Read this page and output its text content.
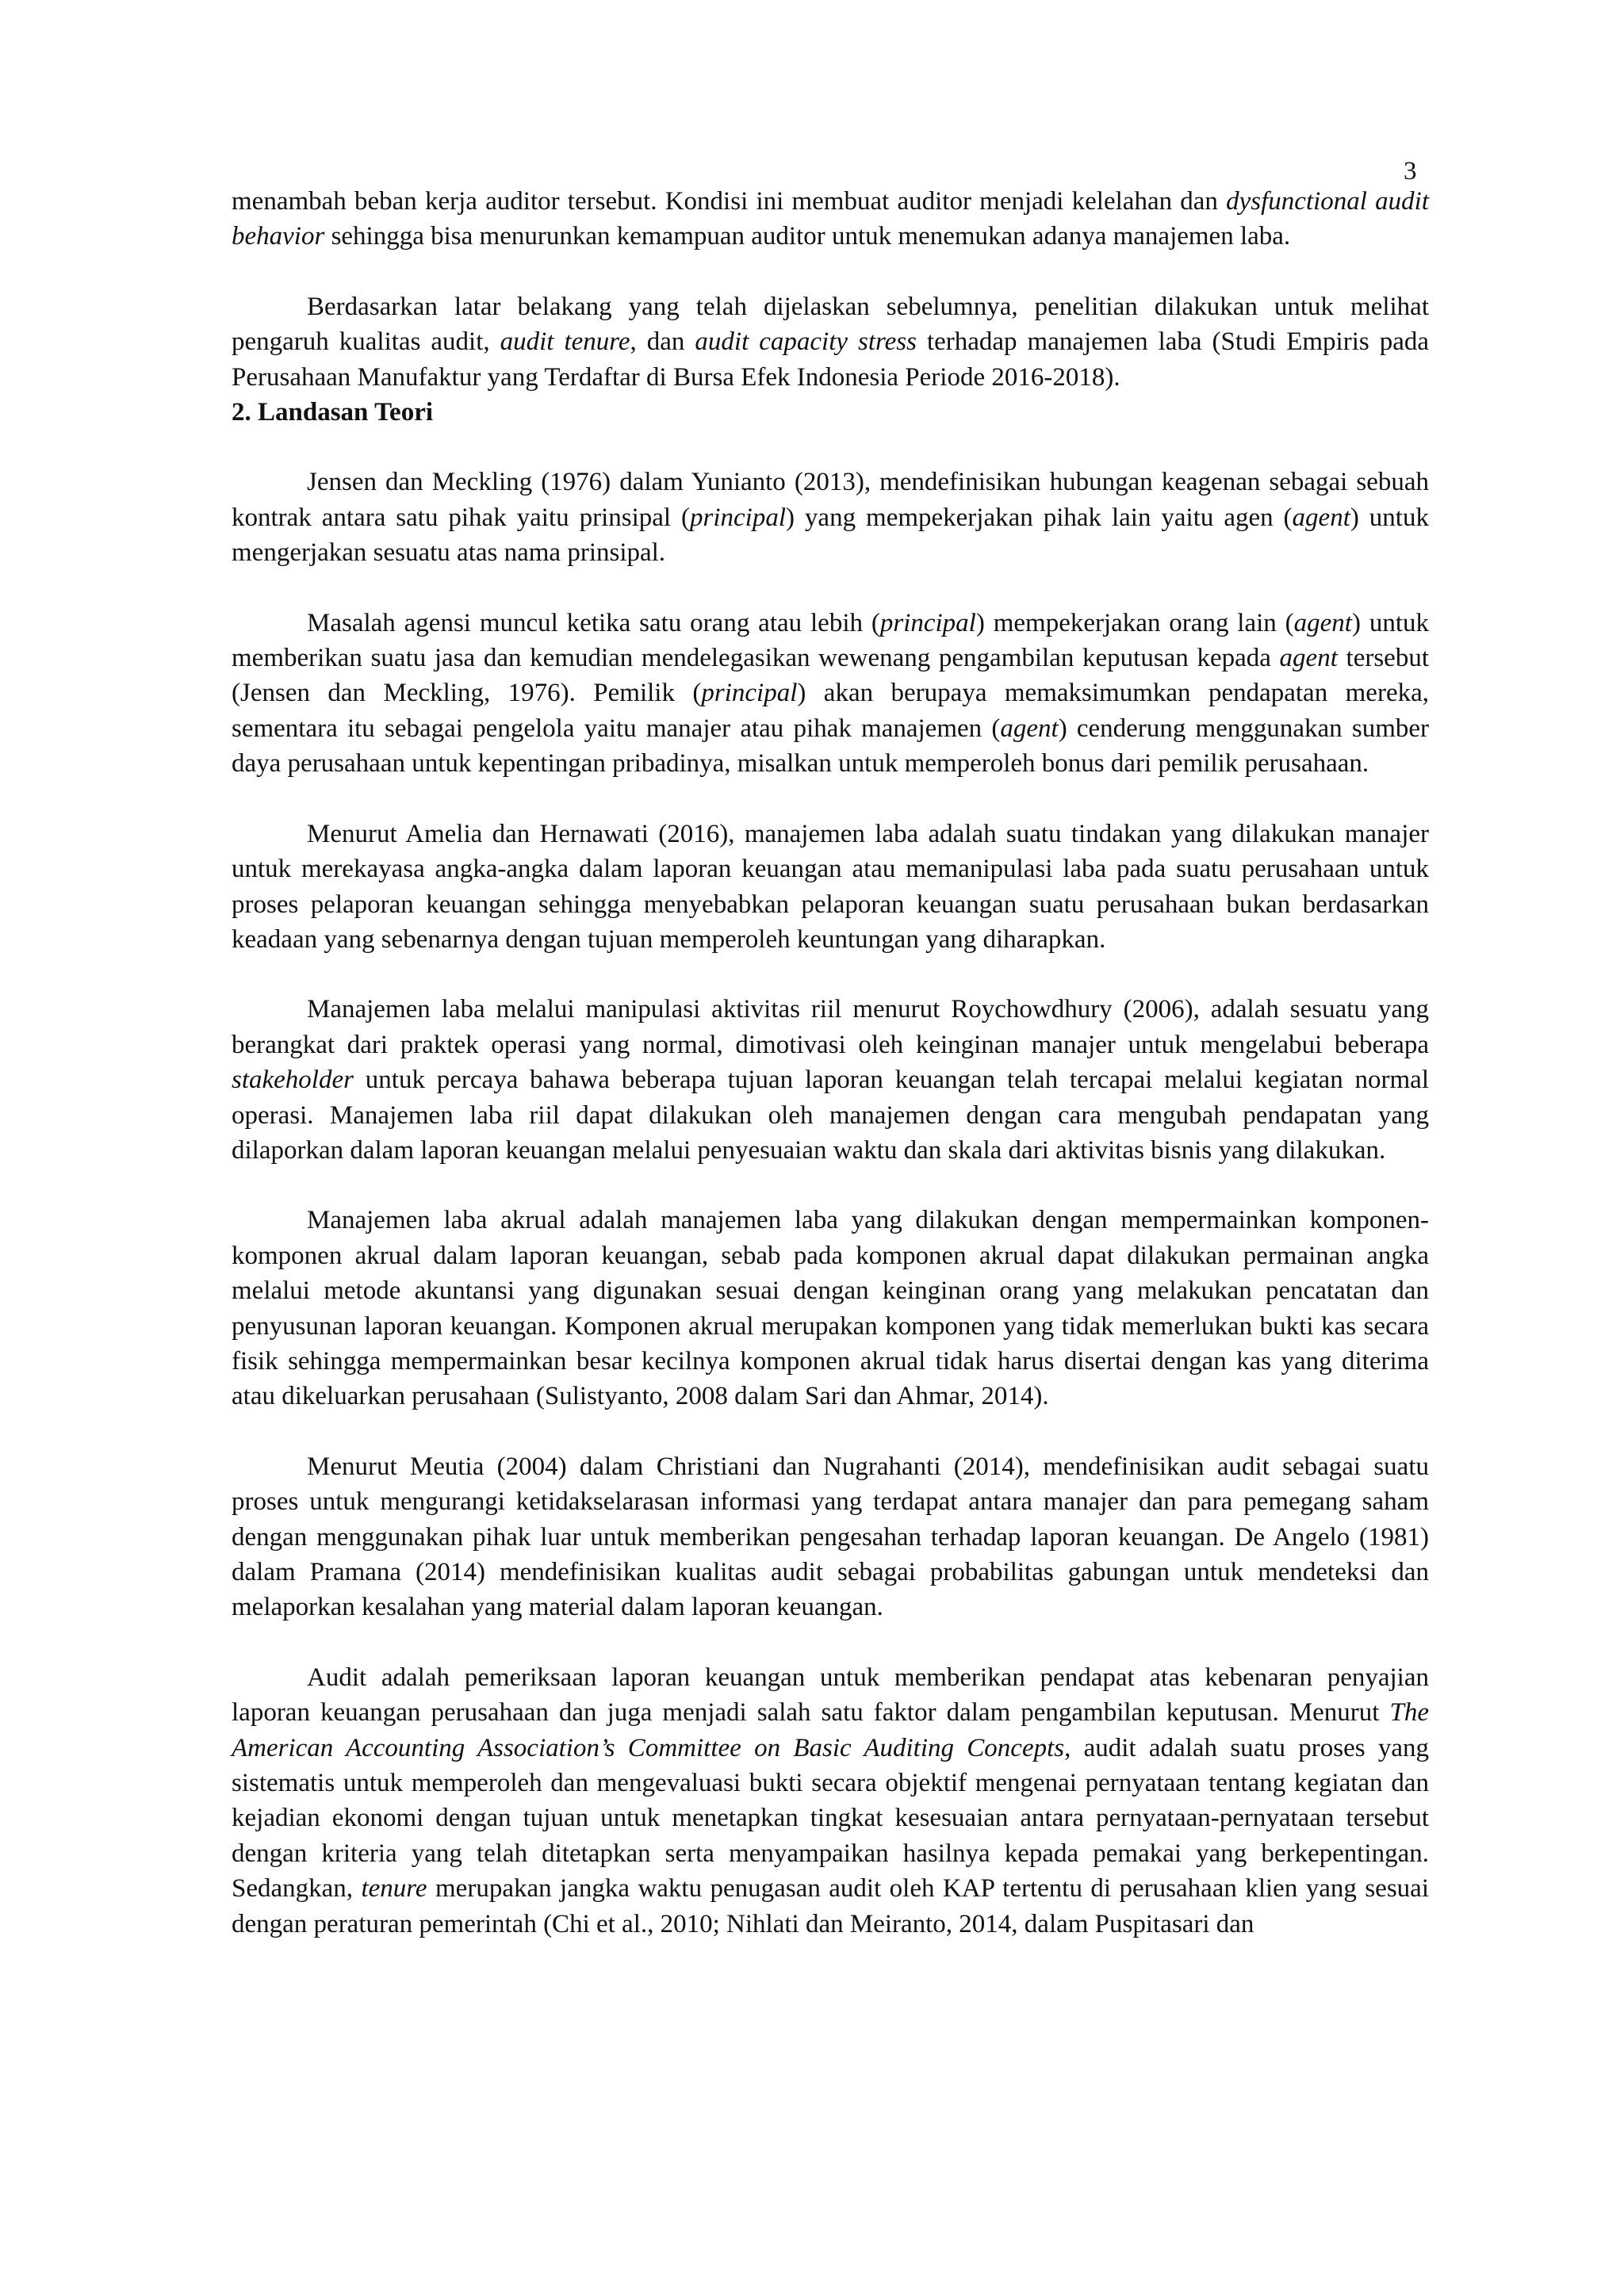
3

menambah beban kerja auditor tersebut. Kondisi ini membuat auditor menjadi kelelahan dan dysfunctional audit behavior sehingga bisa menurunkan kemampuan auditor untuk menemukan adanya manajemen laba.

Berdasarkan latar belakang yang telah dijelaskan sebelumnya, penelitian dilakukan untuk melihat pengaruh kualitas audit, audit tenure, dan audit capacity stress terhadap manajemen laba (Studi Empiris pada Perusahaan Manufaktur yang Terdaftar di Bursa Efek Indonesia Periode 2016-2018).

2. Landasan Teori

Jensen dan Meckling (1976) dalam Yunianto (2013), mendefinisikan hubungan keagenan sebagai sebuah kontrak antara satu pihak yaitu prinsipal (principal) yang mempekerjakan pihak lain yaitu agen (agent) untuk mengerjakan sesuatu atas nama prinsipal.

Masalah agensi muncul ketika satu orang atau lebih (principal) mempekerjakan orang lain (agent) untuk memberikan suatu jasa dan kemudian mendelegasikan wewenang pengambilan keputusan kepada agent tersebut (Jensen dan Meckling, 1976). Pemilik (principal) akan berupaya memaksimumkan pendapatan mereka, sementara itu sebagai pengelola yaitu manajer atau pihak manajemen (agent) cenderung menggunakan sumber daya perusahaan untuk kepentingan pribadinya, misalkan untuk memperoleh bonus dari pemilik perusahaan.

Menurut Amelia dan Hernawati (2016), manajemen laba adalah suatu tindakan yang dilakukan manajer untuk merekayasa angka-angka dalam laporan keuangan atau memanipulasi laba pada suatu perusahaan untuk proses pelaporan keuangan sehingga menyebabkan pelaporan keuangan suatu perusahaan bukan berdasarkan keadaan yang sebenarnya dengan tujuan memperoleh keuntungan yang diharapkan.

Manajemen laba melalui manipulasi aktivitas riil menurut Roychowdhury (2006), adalah sesuatu yang berangkat dari praktek operasi yang normal, dimotivasi oleh keinginan manajer untuk mengelabui beberapa stakeholder untuk percaya bahawa beberapa tujuan laporan keuangan telah tercapai melalui kegiatan normal operasi. Manajemen laba riil dapat dilakukan oleh manajemen dengan cara mengubah pendapatan yang dilaporkan dalam laporan keuangan melalui penyesuaian waktu dan skala dari aktivitas bisnis yang dilakukan.

Manajemen laba akrual adalah manajemen laba yang dilakukan dengan mempermainkan komponen-komponen akrual dalam laporan keuangan, sebab pada komponen akrual dapat dilakukan permainan angka melalui metode akuntansi yang digunakan sesuai dengan keinginan orang yang melakukan pencatatan dan penyusunan laporan keuangan. Komponen akrual merupakan komponen yang tidak memerlukan bukti kas secara fisik sehingga mempermainkan besar kecilnya komponen akrual tidak harus disertai dengan kas yang diterima atau dikeluarkan perusahaan (Sulistyanto, 2008 dalam Sari dan Ahmar, 2014).

Menurut Meutia (2004) dalam Christiani dan Nugrahanti (2014), mendefinisikan audit sebagai suatu proses untuk mengurangi ketidakselarasan informasi yang terdapat antara manajer dan para pemegang saham dengan menggunakan pihak luar untuk memberikan pengesahan terhadap laporan keuangan. De Angelo (1981) dalam Pramana (2014) mendefinisikan kualitas audit sebagai probabilitas gabungan untuk mendeteksi dan melaporkan kesalahan yang material dalam laporan keuangan.

Audit adalah pemeriksaan laporan keuangan untuk memberikan pendapat atas kebenaran penyajian laporan keuangan perusahaan dan juga menjadi salah satu faktor dalam pengambilan keputusan. Menurut The American Accounting Association’s Committee on Basic Auditing Concepts, audit adalah suatu proses yang sistematis untuk memperoleh dan mengevaluasi bukti secara objektif mengenai pernyataan tentang kegiatan dan kejadian ekonomi dengan tujuan untuk menetapkan tingkat kesesuaian antara pernyataan-pernyataan tersebut dengan kriteria yang telah ditetapkan serta menyampaikan hasilnya kepada pemakai yang berkepentingan. Sedangkan, tenure merupakan jangka waktu penugasan audit oleh KAP tertentu di perusahaan klien yang sesuai dengan peraturan pemerintah (Chi et al., 2010; Nihlati dan Meiranto, 2014, dalam Puspitasari dan
